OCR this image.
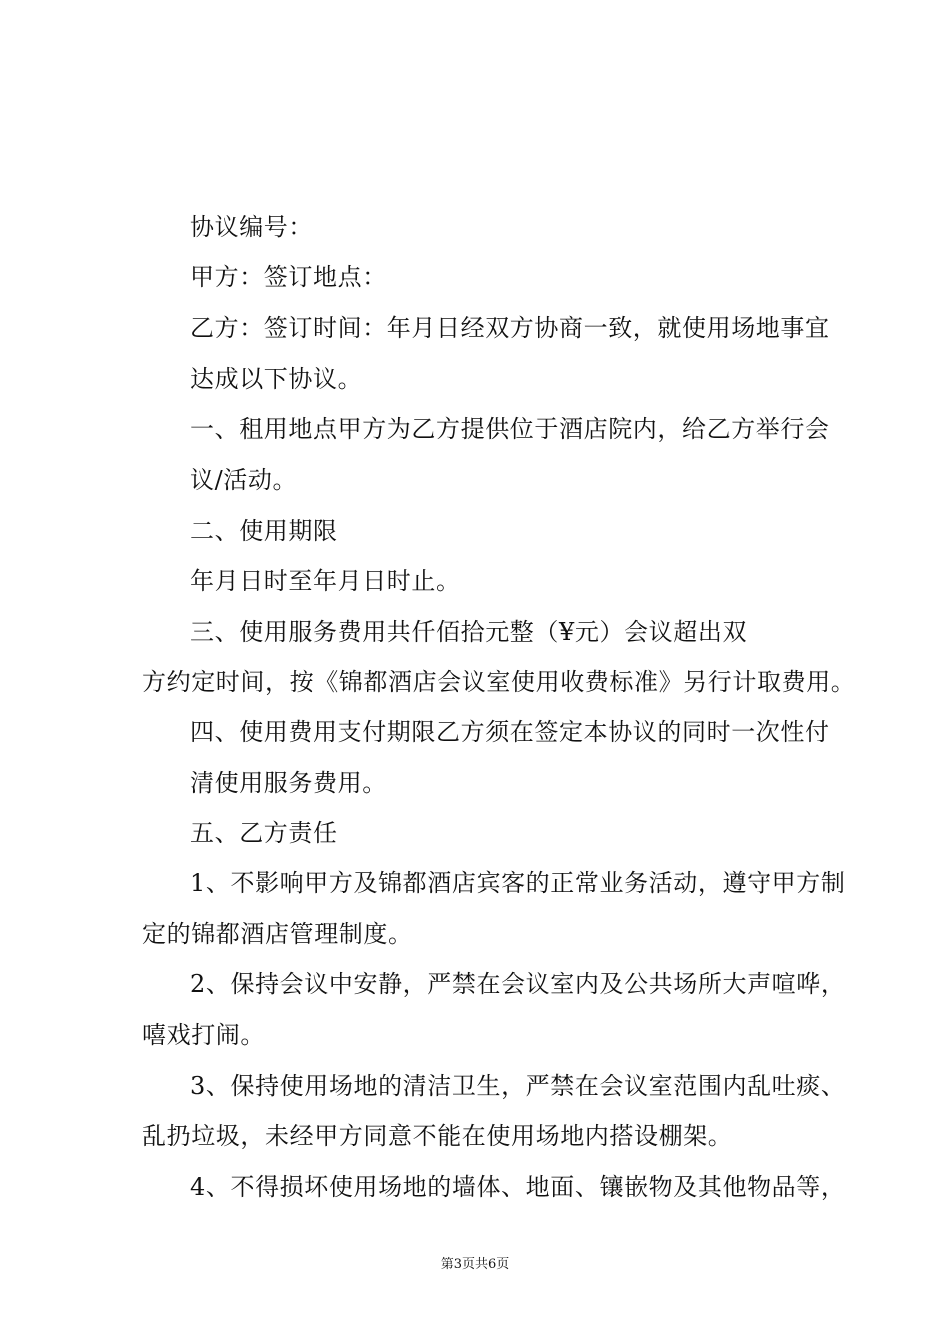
协议编号：
甲方：签订地点：
乙方：签订时间：年月日经双方协商一致，就使用场地事宜
达成以下协议。
一、租用地点甲方为乙方提供位于酒店院内，给乙方举行会
议/活动。
二、使用期限
年月日时至年月日时止。
三、使用服务费用共仟佰拾元整（¥元）会议超出双
方约定时间，按《锦都酒店会议室使用收费标准》另行计取费用。
四、使用费用支付期限乙方须在签定本协议的同时一次性付
清使用服务费用。
五、乙方责任
1、不影响甲方及锦都酒店宾客的正常业务活动，遵守甲方制
定的锦都酒店管理制度。
2、保持会议中安静，严禁在会议室内及公共场所大声喧哗，
嘻戏打闹。
3、保持使用场地的清洁卫生，严禁在会议室范围内乱吐痰、
乱扔垃圾，未经甲方同意不能在使用场地内搭设棚架。
4、不得损坏使用场地的墙体、地面、镶嵌物及其他物品等，
第3页共6页
